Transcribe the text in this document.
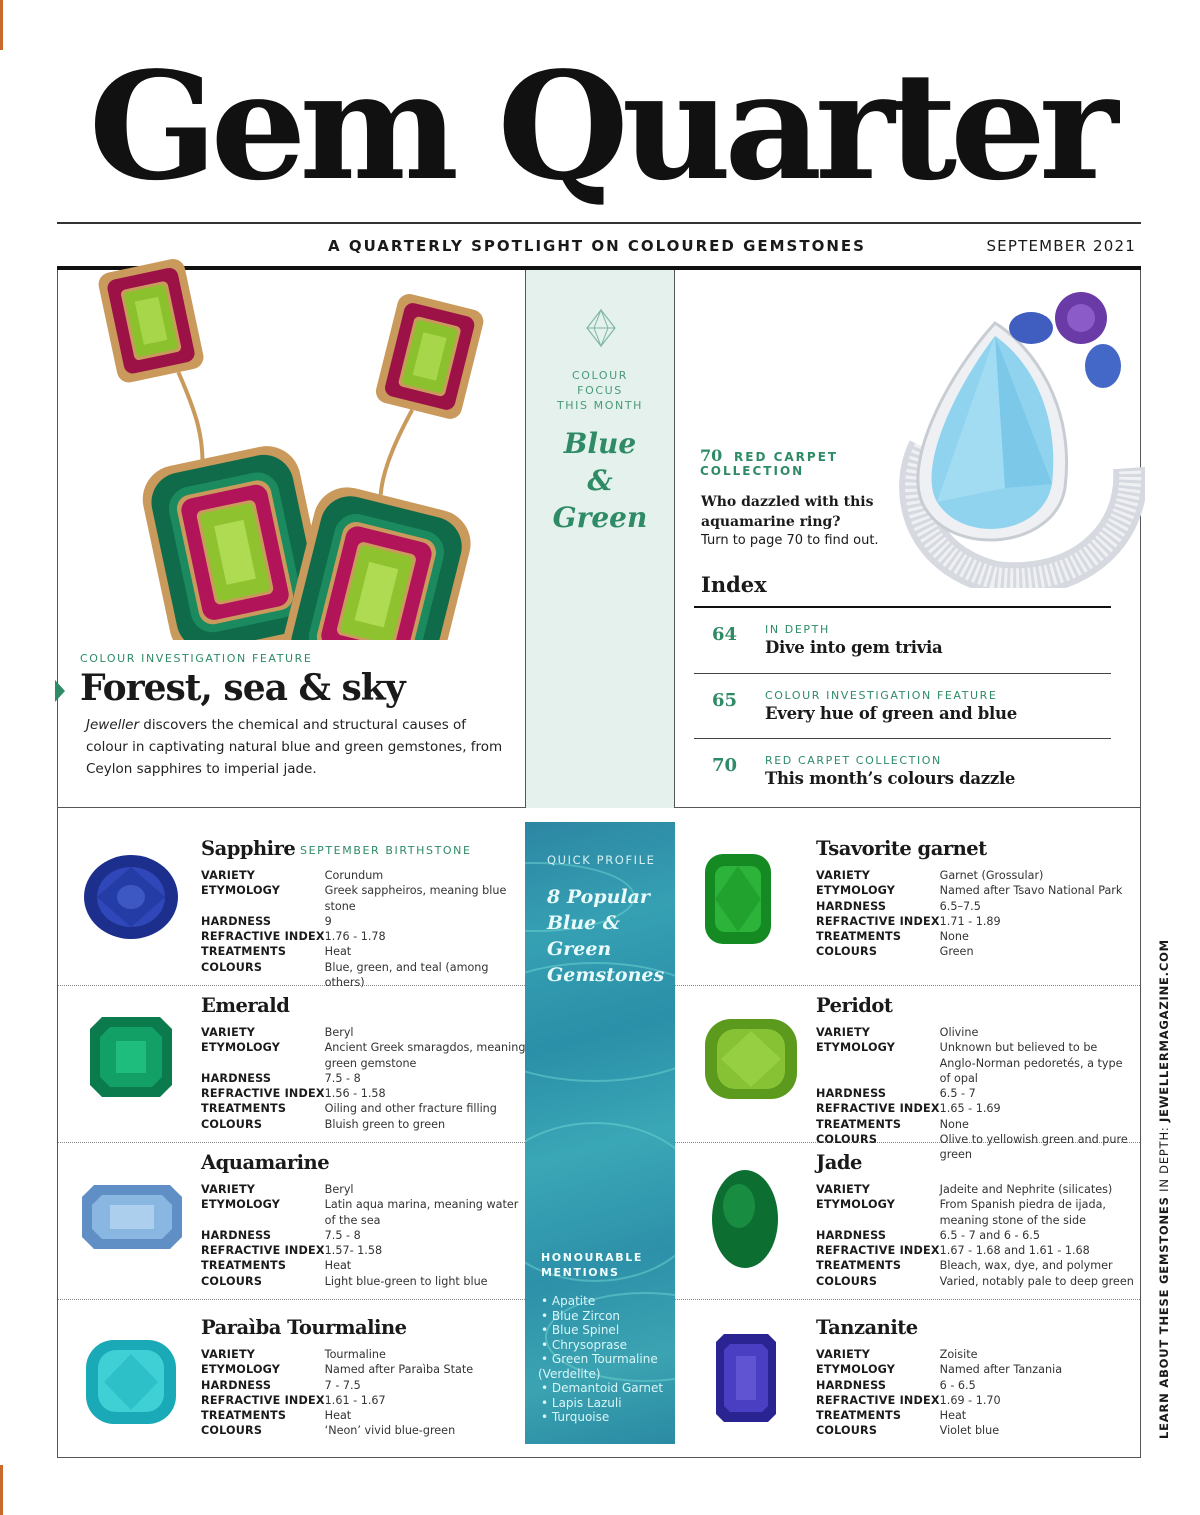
Gem Quarter
A QUARTERLY SPOTLIGHT ON COLOURED GEMSTONES	SEPTEMBER 2021
COLOUR
FOCUS
THIS MONTH
Blue
&
Green
70 RED CARPET COLLECTION
Who dazzled with this aquamarine ring?
Turn to page 70 to find out.
Index
64	IN DEPTH
Dive into gem trivia
65	COLOUR INVESTIGATION FEATURE
Every hue of green and blue
70	RED CARPET COLLECTION
This month’s colours dazzle
COLOUR INVESTIGATION FEATURE
Forest, sea & sky
Jeweller discovers the chemical and structural causes of colour in captivating natural blue and green gemstones, from Ceylon sapphires to imperial jade.
QUICK PROFILE
8 Popular
Blue &
Green
Gemstones
HONOURABLE
MENTIONS
• Apatite
• Blue Zircon
• Blue Spinel
• Chrysoprase
• Green Tourmaline
(Verdelite)
• Demantoid Garnet
• Lapis Lazuli
• Turquoise
Sapphire SEPTEMBER BIRTHSTONE
VARIETY	Corundum
ETYMOLOGY	Greek sappheiros, meaning blue stone
HARDNESS	9
REFRACTIVE INDEX	1.76 - 1.78
TREATMENTS	Heat
COLOURS	Blue, green, and teal (among others)
Emerald
VARIETY	Beryl
ETYMOLOGY	Ancient Greek smaragdos, meaning green gemstone
HARDNESS	7.5 - 8
REFRACTIVE INDEX	1.56 - 1.58
TREATMENTS	Oiling and other fracture filling
COLOURS	Bluish green to green
Aquamarine
VARIETY	Beryl
ETYMOLOGY	Latin aqua marina, meaning water of the sea
HARDNESS	7.5 - 8
REFRACTIVE INDEX	1.57- 1.58
TREATMENTS	Heat
COLOURS	Light blue-green to light blue
Paraìba Tourmaline
VARIETY	Tourmaline
ETYMOLOGY	Named after Paraìba State
HARDNESS	7 - 7.5
REFRACTIVE INDEX	1.61 - 1.67
TREATMENTS	Heat
COLOURS	‘Neon’ vivid blue-green
Tsavorite garnet
VARIETY	Garnet (Grossular)
ETYMOLOGY	Named after Tsavo National Park
HARDNESS	6.5–7.5
REFRACTIVE INDEX	1.71 - 1.89
TREATMENTS	None
COLOURS	Green
Peridot
VARIETY	Olivine
ETYMOLOGY	Unknown but believed to be Anglo-Norman pedoretés, a type of opal
HARDNESS	6.5 - 7
REFRACTIVE INDEX	1.65 - 1.69
TREATMENTS	None
COLOURS	Olive to yellowish green and pure green
Jade
VARIETY	Jadeite and Nephrite (silicates)
ETYMOLOGY	From Spanish piedra de ijada, meaning stone of the side
HARDNESS	6.5 - 7 and 6 - 6.5
REFRACTIVE INDEX	1.67 - 1.68 and 1.61 - 1.68
TREATMENTS	Bleach, wax, dye, and polymer
COLOURS	Varied, notably pale to deep green
Tanzanite
VARIETY	Zoisite
ETYMOLOGY	Named after Tanzania
HARDNESS	6 - 6.5
REFRACTIVE INDEX	1.69 - 1.70
TREATMENTS	Heat
COLOURS	Violet blue	LEARN ABOUT THESE GEMSTONES IN DEPTH: JEWELLERMAGAZINE.COM
